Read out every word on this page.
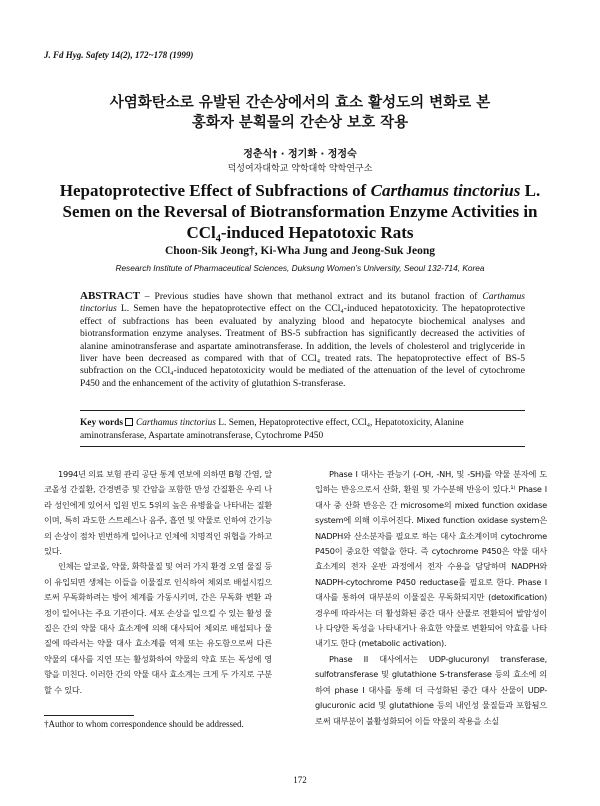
J. Fd Hyg. Safety 14(2), 172~178 (1999)
사염화탄소로 유발된 간손상에서의 효소 활성도의 변화로 본
홍화자 분획물의 간손상 보호 작용
정춘식† · 정기화 · 정정숙
덕성여자대학교 약학대학 약학연구소
Hepatoprotective Effect of Subfractions of Carthamus tinctorius L.
Semen on the Reversal of Biotransformation Enzyme Activities in
CCl₄-induced Hepatotoxic Rats
Choon-Sik Jeong†, Ki-Wha Jung and Jeong-Suk Jeong
Research Institute of Pharmaceutical Sciences, Duksung Women’s University, Seoul 132-714, Korea
ABSTRACT – Previous studies have shown that methanol extract and its butanol fraction of Carthamus tinctorius L. Semen have the hepatoprotective effect on the CCl₄-induced hepatotoxicity. The hepatoprotective effect of subfractions has been evaluated by analyzing blood and hepatocyte biochemical analyses and biotransformation enzyme analyses. Treatment of BS-5 subfraction has significantly decreased the activities of alanine aminotransferase and aspartate aminotransferase. In addition, the levels of cholesterol and triglyceride in liver have been decreased as compared with that of CCl₄ treated rats. The hepatoprotective effect of BS-5 subfraction on the CCl₄-induced hepatotoxicity would be mediated of the attenuation of the level of cytochrome P450 and the enhancement of the activity of glutathion S-transferase.
Key words Carthamus tinctorius L. Semen, Hepatoprotective effect, CCl₄, Hepatotoxicity, Alanine aminotransferase, Aspartate aminotransferase, Cytochrome P450

1994년 의료 보험 관리 공단 통계 연보에 의하면 B형 간염, 알코올성 간질환, 간경변증 및 간암을 포함한 만성 간질환은 우리 나라 성인에게 있어서 입원 빈도 5위의 높은 유병율을 나타내는 질환이며, 특히 과도한 스트레스나 음주, 흡연 및 약물로 인하여 간기능의 손상이 점차 빈번하게 일어나고 인체에 치명적인 위협을 가하고 있다.

인체는 알코올, 약물, 화학물질 및 여러 가지 환경 오염 물질 등이 유입되면 생체는 이들을 이물질로 인식하여 체외로 배설시킴으로써 무독화하려는 방어 체계를 가동시키며, 간은 무독화 변환 과정이 일어나는 주요 기관이다. 세포 손상을 일으킬 수 있는 활성 물질은 간의 약물 대사 효소계에 의해 대사되어 체외로 배설되나 물질에 따라서는 약물 대사 효소계를 역제 또는 유도함으로써 다른 약물의 대사를 지연 또는 활성화하여 약물의 약효 또는 독성에 영향을 미친다. 이러한 간의 약물 대사 효소계는 크게 두 가지로 구분할 수 있다.

Phase I 대사는 관능기 (-OH, -NH, 및 -SH)를 약물 분자에 도입하는 반응으로서 산화, 환원 및 가수분해 반응이 있다.¹⁾ Phase I 대사 중 산화 반응은 간 microsome의 mixed function oxidase system에 의해 이루어진다. Mixed function oxidase system은 NADPH와 산소분자를 필요로 하는 대사 효소계이며 cytochrome P450이 중요한 역할을 한다. 즉 cytochrome P450은 약물 대사 효소계의 전자 운반 과정에서 전자 수용을 담당하며 NADPH와 NADPH-cytochrome P450 reductase를 필요로 한다. Phase I 대사를 통하여 대부분의 이물질은 무독화되지만 (detoxification) 경우에 따라서는 더 활성화된 중간 대사 산물로 전환되어 발암성이나 다양한 독성을 나타내거나 유효한 약물로 변환되어 약효를 나타내기도 한다 (metabolic activation).

Phase II 대사에서는 UDP-glucuronyl transferase, sulfotransferase 및 glutathione S-transferase 등의 효소에 의하여 phase I 대사를 통해 더 극성화된 중간 대사 산물이 UDP-glucuronic acid 및 glutathione 등의 내인성 물질들과 포합됨으로써 대부분이 불활성화되어 이들 약물의 작용을 소실

†Author to whom correspondence should be addressed.
172
